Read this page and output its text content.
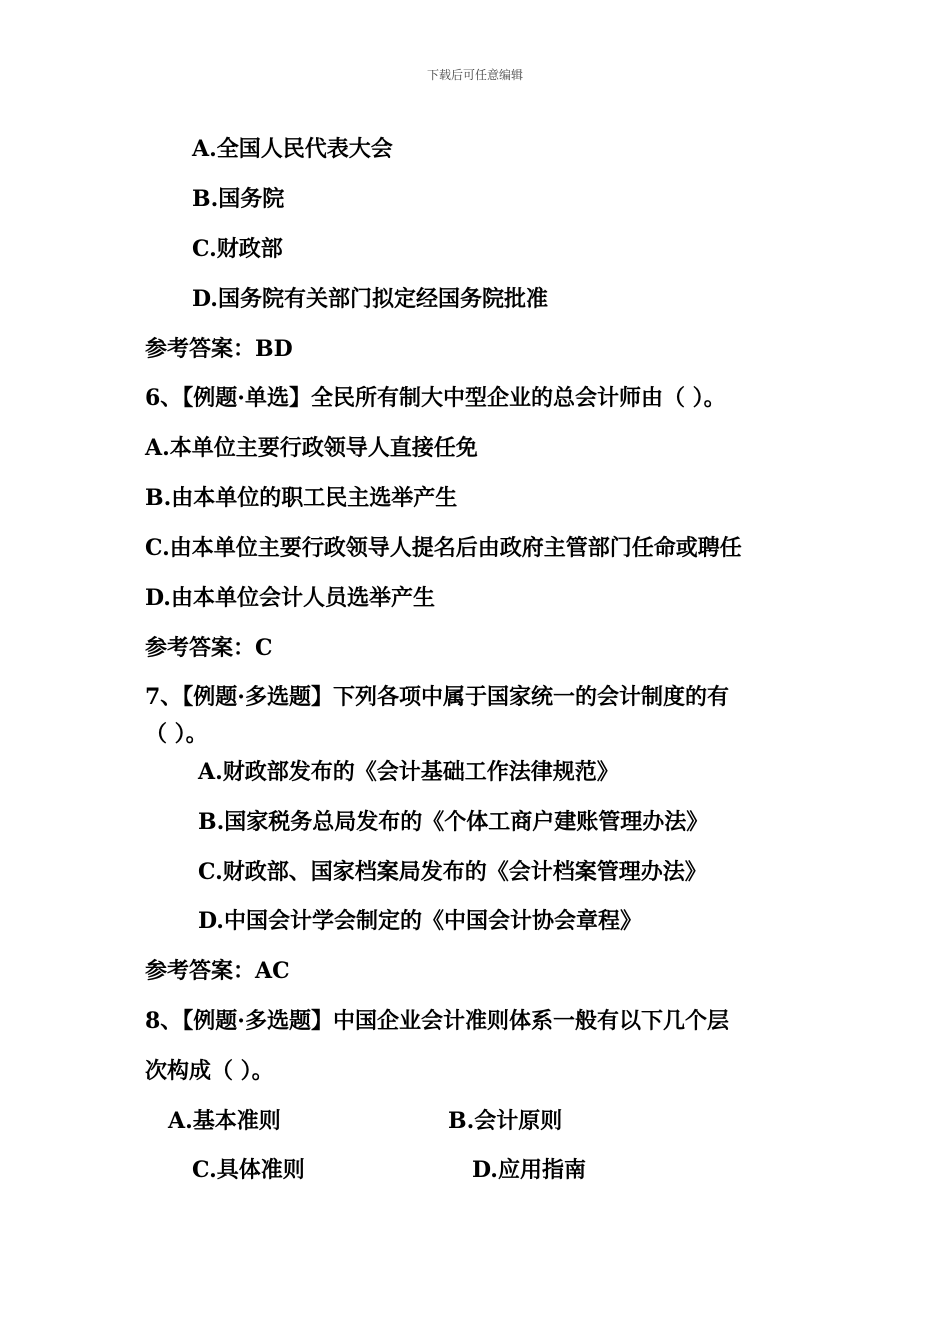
下载后可任意编辑
A.全国人民代表大会
B.国务院
C.财政部
D.国务院有关部门拟定经国务院批准
参考答案：BD
6、【例题·单选】全民所有制大中型企业的总会计师由（ ）。
A.本单位主要行政领导人直接任免
B.由本单位的职工民主选举产生
C.由本单位主要行政领导人提名后由政府主管部门任命或聘任
D.由本单位会计人员选举产生
参考答案：C
7、【例题·多选题】下列各项中属于国家统一的会计制度的有
（ ）。
A.财政部发布的《会计基础工作法律规范》
B.国家税务总局发布的《个体工商户建账管理办法》
C.财政部、国家档案局发布的《会计档案管理办法》
D.中国会计学会制定的《中国会计协会章程》
参考答案：AC
8、【例题·多选题】中国企业会计准则体系一般有以下几个层
次构成（ ）。
A.基本准则	B.会计原则
C.具体准则	D.应用指南
